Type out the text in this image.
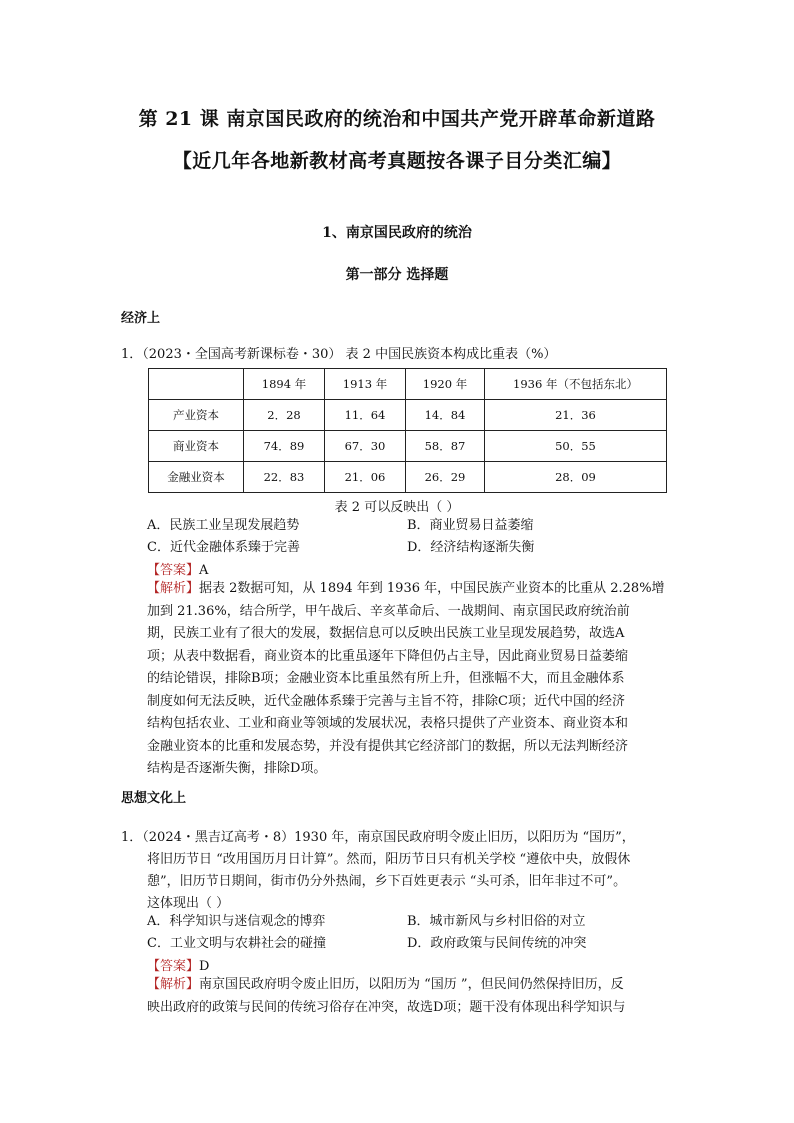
第 21 课 南京国民政府的统治和中国共产党开辟革命新道路
【近几年各地新教材高考真题按各课子目分类汇编】
1、南京国民政府的统治
第一部分 选择题
经济上
1．（2023・全国高考新课标卷・30） 表 2 中国民族资本构成比重表（%）
	1894 年	1913 年	1920 年	1936 年（不包括东北）
产业资本	2．28	11．64	14．84	21．36
商业资本	74．89	67．30	58．87	50．55
金融业资本	22．83	21．06	26．29	28．09
表 2 可以反映出（ ）
A．民族工业呈现发展趋势	B．商业贸易日益萎缩
C．近代金融体系臻于完善	D．经济结构逐渐失衡
【答案】A
【解析】据表 2数据可知，从 1894 年到 1936 年，中国民族产业资本的比重从 2.28%增
加到 21.36%，结合所学，甲午战后、辛亥革命后、一战期间、南京国民政府统治前
期，民族工业有了很大的发展，数据信息可以反映出民族工业呈现发展趋势，故选A
项；从表中数据看，商业资本的比重虽逐年下降但仍占主导，因此商业贸易日益萎缩
的结论错误，排除B项；金融业资本比重虽然有所上升，但涨幅不大，而且金融体系
制度如何无法反映，近代金融体系臻于完善与主旨不符，排除C项；近代中国的经济
结构包括农业、工业和商业等领域的发展状况，表格只提供了产业资本、商业资本和
金融业资本的比重和发展态势，并没有提供其它经济部门的数据，所以无法判断经济
结构是否逐渐失衡，排除D项。
思想文化上
1．（2024・黑吉辽高考・8）1930 年，南京国民政府明令废止旧历，以阳历为 “国历”，
将旧历节日 “改用国历月日计算”。然而，阳历节日只有机关学校 “遵依中央，放假休
憩”，旧历节日期间，街市仍分外热闹，乡下百姓更表示 “头可杀，旧年非过不可”。
这体现出（ ）
A．科学知识与迷信观念的博弈	B．城市新风与乡村旧俗的对立
C．工业文明与农耕社会的碰撞	D．政府政策与民间传统的冲突
【答案】D
【解析】南京国民政府明令废止旧历，以阳历为 “国历 ”，但民间仍然保持旧历，反
映出政府的政策与民间的传统习俗存在冲突，故选D项；题干没有体现出科学知识与
